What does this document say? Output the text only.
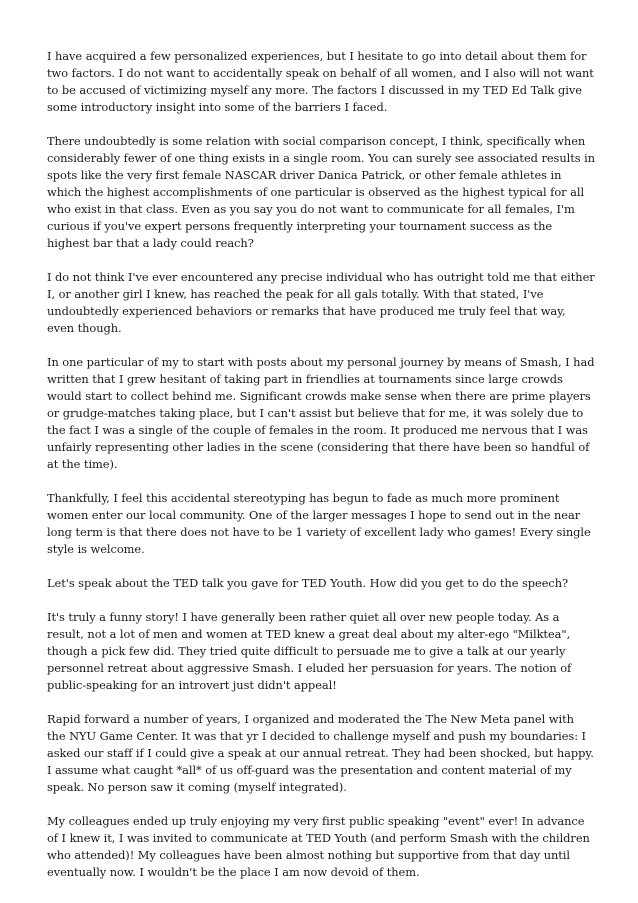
I have acquired a few personalized experiences, but I hesitate to go into detail about them for two factors. I do not want to accidentally speak on behalf of all women, and I also will not want to be accused of victimizing myself any more. The factors I discussed in my TED Ed Talk give some introductory insight into some of the barriers I faced.

There undoubtedly is some relation with social comparison concept, I think, specifically when considerably fewer of one thing exists in a single room. You can surely see associated results in spots like the very first female NASCAR driver Danica Patrick, or other female athletes in which the highest accomplishments of one particular is observed as the highest typical for all who exist in that class. Even as you say you do not want to communicate for all females, I'm curious if you've expert persons frequently interpreting your tournament success as the highest bar that a lady could reach?

I do not think I've ever encountered any precise individual who has outright told me that either I, or another girl I knew, has reached the peak for all gals totally. With that stated, I've undoubtedly experienced behaviors or remarks that have produced me truly feel that way, even though.

In one particular of my to start with posts about my personal journey by means of Smash, I had written that I grew hesitant of taking part in friendlies at tournaments since large crowds would start to collect behind me. Significant crowds make sense when there are prime players or grudge-matches taking place, but I can't assist but believe that for me, it was solely due to the fact I was a single of the couple of females in the room. It produced me nervous that I was unfairly representing other ladies in the scene (considering that there have been so handful of at the time).

Thankfully, I feel this accidental stereotyping has begun to fade as much more prominent women enter our local community. One of the larger messages I hope to send out in the near long term is that there does not have to be 1 variety of excellent lady who games! Every single style is welcome.

Let's speak about the TED talk you gave for TED Youth. How did you get to do the speech?

It's truly a funny story! I have generally been rather quiet all over new people today. As a result, not a lot of men and women at TED knew a great deal about my alter-ego "Milktea", though a pick few did. They tried quite difficult to persuade me to give a talk at our yearly personnel retreat about aggressive Smash. I eluded her persuasion for years. The notion of public-speaking for an introvert just didn't appeal!

Rapid forward a number of years, I organized and moderated the The New Meta panel with the NYU Game Center. It was that yr I decided to challenge myself and push my boundaries: I asked our staff if I could give a speak at our annual retreat. They had been shocked, but happy. I assume what caught *all* of us off-guard was the presentation and content material of my speak. No person saw it coming (myself integrated).

My colleagues ended up truly enjoying my very first public speaking "event" ever! In advance of I knew it, I was invited to communicate at TED Youth (and perform Smash with the children who attended)! My colleagues have been almost nothing but supportive from that day until eventually now. I wouldn't be the place I am now devoid of them.
